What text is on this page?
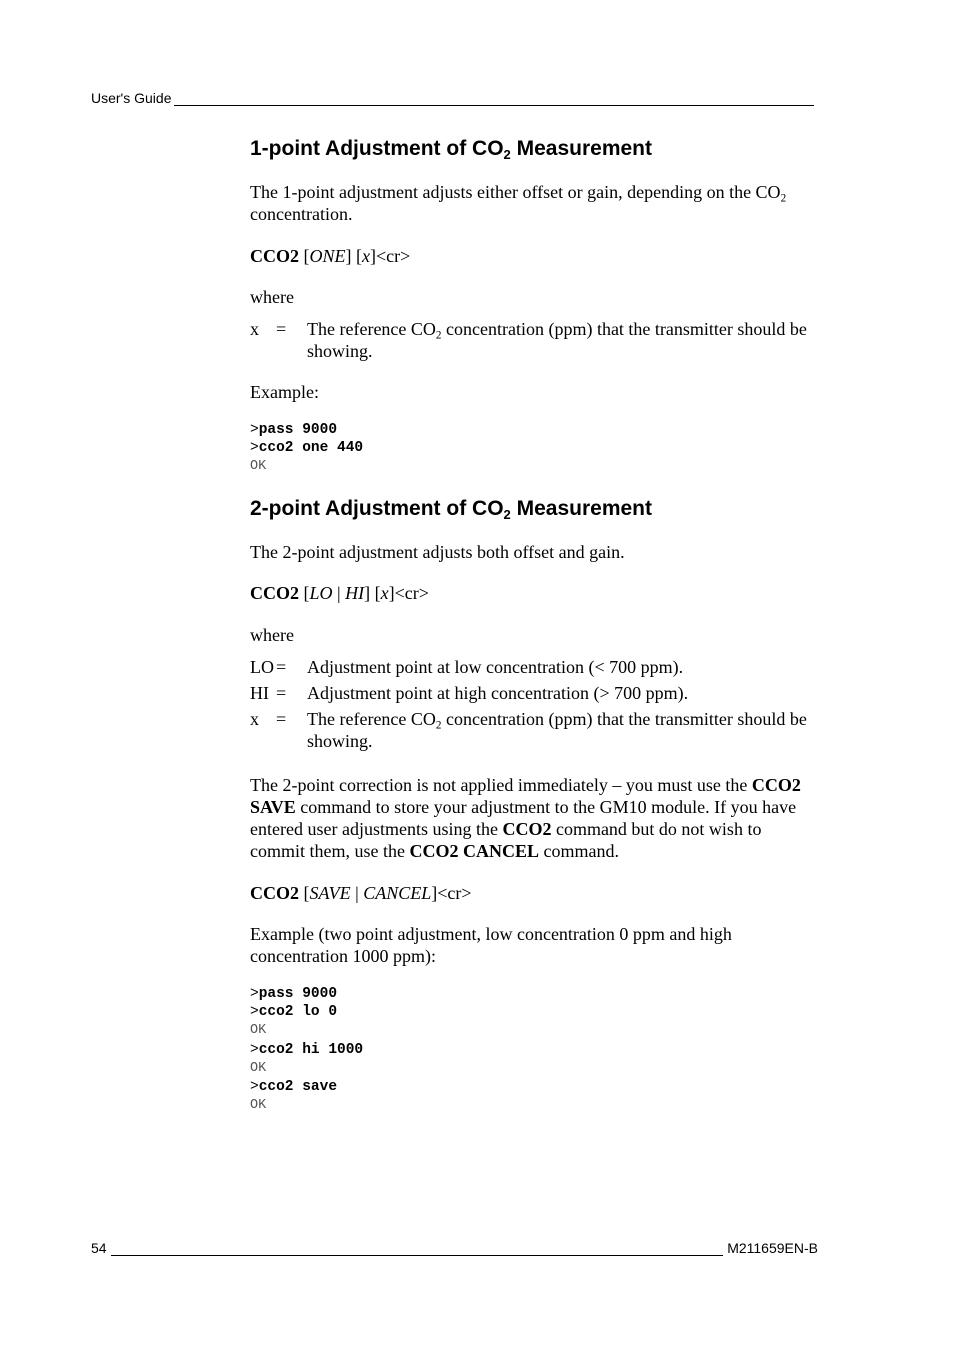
User's Guide
1-point Adjustment of $CO_2$ Measurement

The 1-point adjustment adjusts either offset or gain, depending on the $CO_2$ concentration.

CCO2 [ONE] [x]<cr>

where

x =	The reference $CO_2$ concentration (ppm) that the transmitter should be showing.

Example:

>pass 9000
>cco2 one 440
OK
2-point Adjustment of $CO_2$ Measurement

The 2-point adjustment adjusts both offset and gain.

CCO2 [LO | HI] [x]<cr>

where

LO =	Adjustment point at low concentration (< 700 ppm).
HI =	Adjustment point at high concentration (> 700 ppm).
x =	The reference $CO_2$ concentration (ppm) that the transmitter should be showing.

The 2-point correction is not applied immediately – you must use the CCO2 SAVE command to store your adjustment to the GM10 module. If you have entered user adjustments using the CCO2 command but do not wish to commit them, use the CCO2 CANCEL command.

CCO2 [SAVE | CANCEL]<cr>

Example (two point adjustment, low concentration 0 ppm and high concentration 1000 ppm):

>pass 9000
>cco2 lo 0
OK
>cco2 hi 1000
OK
>cco2 save
OK
54	M211659EN-B
